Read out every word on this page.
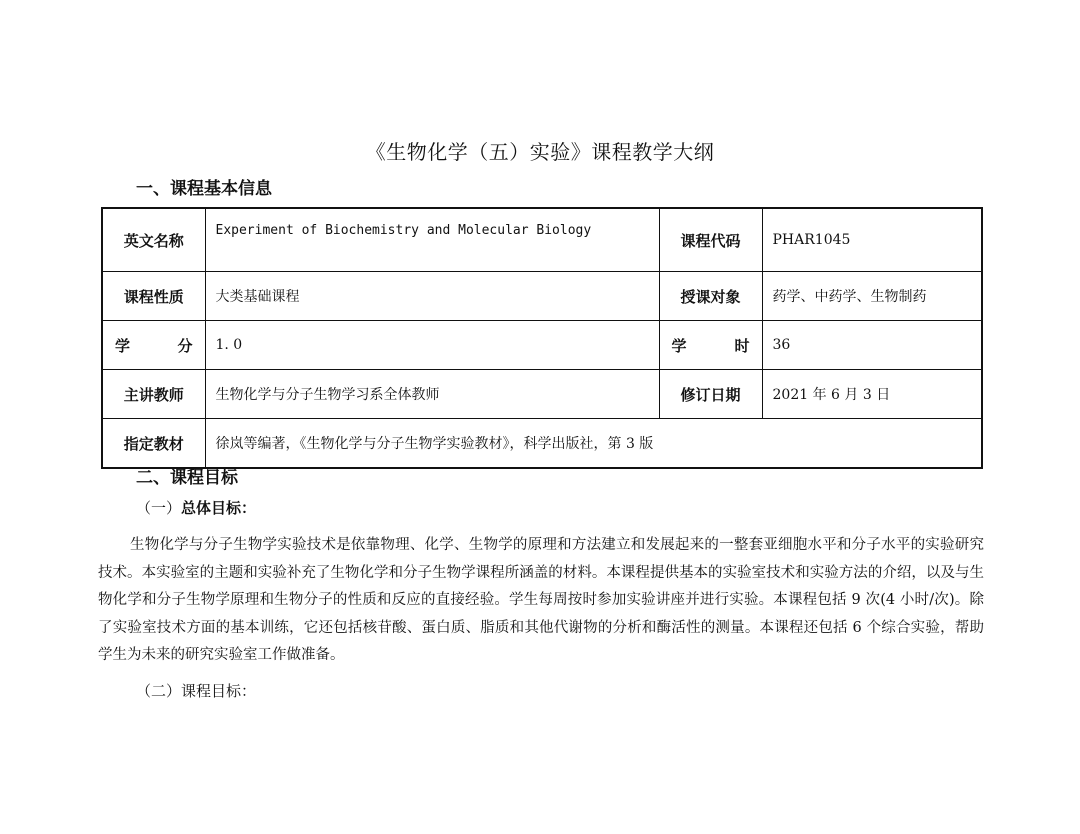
《生物化学（五）实验》课程教学大纲
一、课程基本信息
英文名称	Experiment of Biochemistry and Molecular Biology	课程代码	PHAR1045
课程性质	大类基础课程	授课对象	药学、中药学、生物制药

学 分	1. 0	学 时	36
主讲教师	生物化学与分子生物学习系全体教师	修订日期	2021 年 6 月 3 日
指定教材	徐岚等编著，《生物化学与分子生物学实验教材》，科学出版社，第 3 版		
二、课程目标
（一）总体目标：

生物化学与分子生物学实验技术是依靠物理、化学、生物学的原理和方法建立和发展起来的一整套亚细胞水平和分子水平的实验研究技术。本实验室的主题和实验补充了生物化学和分子生物学课程所涵盖的材料。本课程提供基本的实验室技术和实验方法的介绍，以及与生物化学和分子生物学原理和生物分子的性质和反应的直接经验。学生每周按时参加实验讲座并进行实验。本课程包括 9 次(4 小时/次)。除了实验室技术方面的基本训练，它还包括核苷酸、蛋白质、脂质和其他代谢物的分析和酶活性的测量。本课程还包括 6 个综合实验，帮助学生为未来的研究实验室工作做准备。

（二）课程目标：
